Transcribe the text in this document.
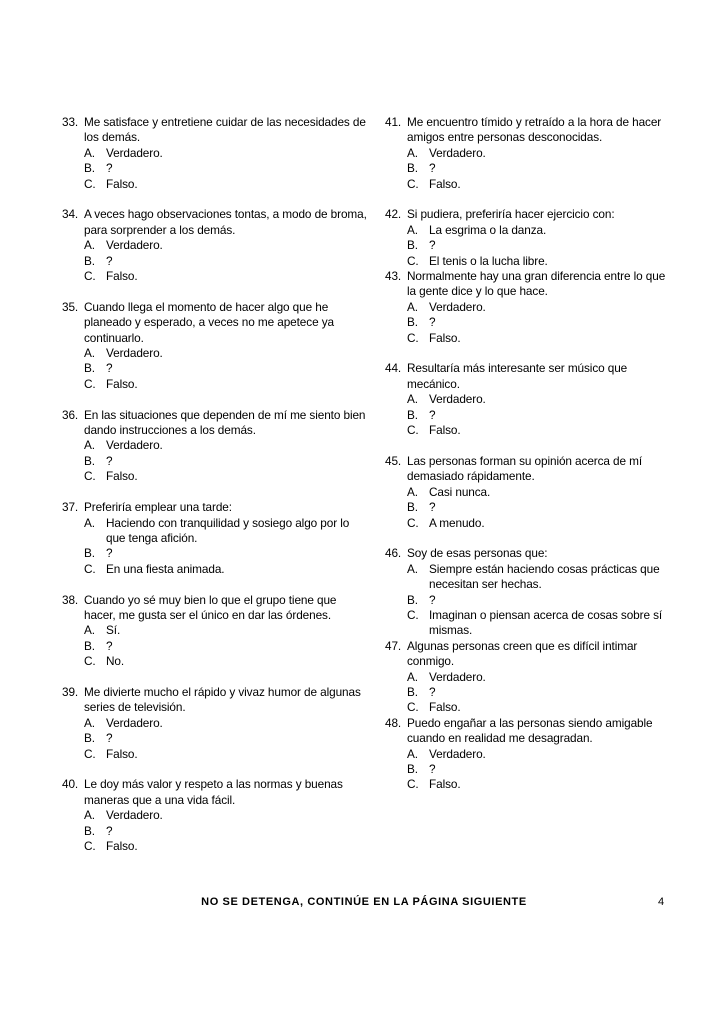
33. Me satisface y entretiene cuidar de las necesidades de los demás.
A. Verdadero.
B. ?
C. Falso.
34. A veces hago observaciones tontas, a modo de broma, para sorprender a los demás.
A. Verdadero.
B. ?
C. Falso.
35. Cuando llega el momento de hacer algo que he planeado y esperado, a veces no me apetece ya continuarlo.
A. Verdadero.
B. ?
C. Falso.
36. En las situaciones que dependen de mí me siento bien dando instrucciones a los demás.
A. Verdadero.
B. ?
C. Falso.
37. Preferiría emplear una tarde:
A. Haciendo con tranquilidad y sosiego algo por lo que tenga afición.
B. ?
C. En una fiesta animada.
38. Cuando yo sé muy bien lo que el grupo tiene que hacer, me gusta ser el único en dar las órdenes.
A. Sí.
B. ?
C. No.
39. Me divierte mucho el rápido y vivaz humor de algunas series de televisión.
A. Verdadero.
B. ?
C. Falso.
40. Le doy más valor y respeto a las normas y buenas maneras que a una vida fácil.
A. Verdadero.
B. ?
C. Falso.
41. Me encuentro tímido y retraído a la hora de hacer amigos entre personas desconocidas.
A. Verdadero.
B. ?
C. Falso.
42. Si pudiera, preferiría hacer ejercicio con:
A. La esgrima o la danza.
B. ?
C. El tenis o la lucha libre.
43. Normalmente hay una gran diferencia entre lo que la gente dice y lo que hace.
A. Verdadero.
B. ?
C. Falso.
44. Resultaría más interesante ser músico que mecánico.
A. Verdadero.
B. ?
C. Falso.
45. Las personas forman su opinión acerca de mí demasiado rápidamente.
A. Casi nunca.
B. ?
C. A menudo.
46. Soy de esas personas que:
A. Siempre están haciendo cosas prácticas que necesitan ser hechas.
B. ?
C. Imaginan o piensan acerca de cosas sobre sí mismas.
47. Algunas personas creen que es difícil intimar conmigo.
A. Verdadero.
B. ?
C. Falso.
48. Puedo engañar a las personas siendo amigable cuando en realidad me desagradan.
A. Verdadero.
B. ?
C. Falso.
NO SE DETENGA, CONTINÚE EN LA PÁGINA SIGUIENTE	4
